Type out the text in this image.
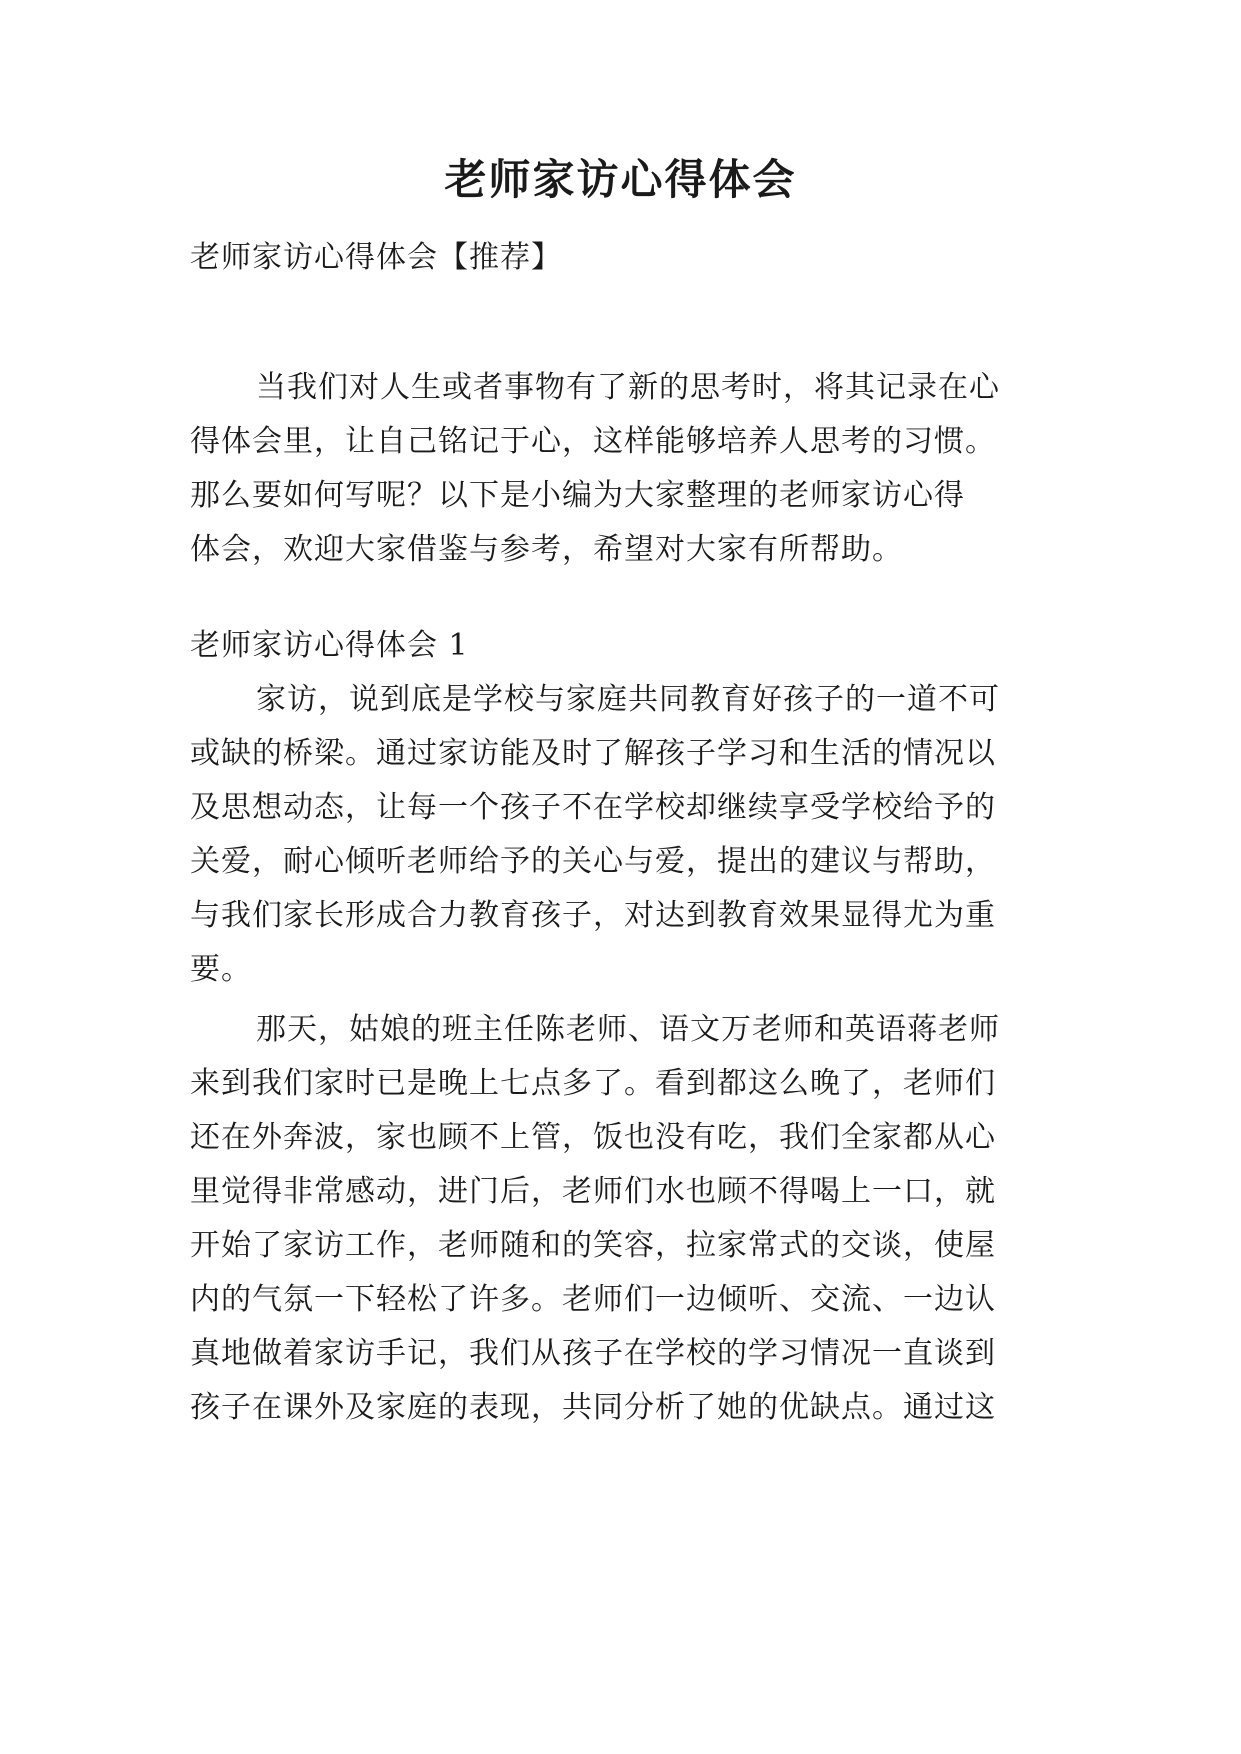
老师家访心得体会

老师家访心得体会【推荐】

当我们对人生或者事物有了新的思考时，将其记录在心

得体会里，让自己铭记于心，这样能够培养人思考的习惯。

那么要如何写呢？以下是小编为大家整理的老师家访心得

体会，欢迎大家借鉴与参考，希望对大家有所帮助。

老师家访心得体会 1

家访，说到底是学校与家庭共同教育好孩子的一道不可

或缺的桥梁。通过家访能及时了解孩子学习和生活的情况以

及思想动态，让每一个孩子不在学校却继续享受学校给予的

关爱，耐心倾听老师给予的关心与爱，提出的建议与帮助，

与我们家长形成合力教育孩子，对达到教育效果显得尤为重

要。

那天，姑娘的班主任陈老师、语文万老师和英语蒋老师

来到我们家时已是晚上七点多了。看到都这么晚了，老师们

还在外奔波，家也顾不上管，饭也没有吃，我们全家都从心

里觉得非常感动，进门后，老师们水也顾不得喝上一口，就

开始了家访工作，老师随和的笑容，拉家常式的交谈，使屋

内的气氛一下轻松了许多。老师们一边倾听、交流、一边认

真地做着家访手记，我们从孩子在学校的学习情况一直谈到

孩子在课外及家庭的表现，共同分析了她的优缺点。通过这
